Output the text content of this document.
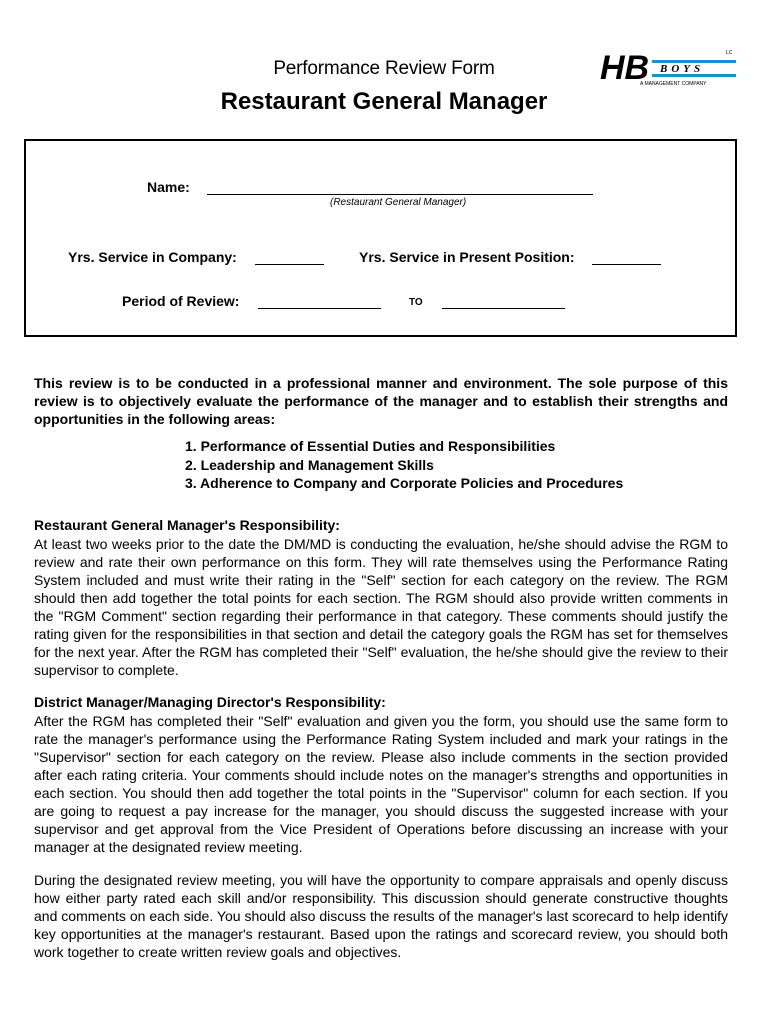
Performance Review Form
Restaurant General Manager
HB BOYS
LC
A MANAGEMENT COMPANY
Name:
(Restaurant General Manager)
Yrs. Service in Company:	Yrs. Service in Present Position:
Period of Review:	TO
This review is to be conducted in a professional manner and environment. The sole purpose of this review is to objectively evaluate the performance of the manager and to establish their strengths and opportunities in the following areas:
1. Performance of Essential Duties and Responsibilities
2. Leadership and Management Skills
3. Adherence to Company and Corporate Policies and Procedures
Restaurant General Manager's Responsibility:
At least two weeks prior to the date the DM/MD is conducting the evaluation, he/she should advise the RGM to review and rate their own performance on this form. They will rate themselves using the Performance Rating System included and must write their rating in the "Self" section for each category on the review. The RGM should then add together the total points for each section. The RGM should also provide written comments in the "RGM Comment" section regarding their performance in that category. These comments should justify the rating given for the responsibilities in that section and detail the category goals the RGM has set for themselves for the next year. After the RGM has completed their "Self" evaluation, the he/she should give the review to their supervisor to complete.
District Manager/Managing Director's Responsibility:
After the RGM has completed their "Self" evaluation and given you the form, you should use the same form to rate the manager's performance using the Performance Rating System included and mark your ratings in the "Supervisor" section for each category on the review. Please also include comments in the section provided after each rating criteria. Your comments should include notes on the manager's strengths and opportunities in each section. You should then add together the total points in the "Supervisor" column for each section. If you are going to request a pay increase for the manager, you should discuss the suggested increase with your supervisor and get approval from the Vice President of Operations before discussing an increase with your manager at the designated review meeting.
During the designated review meeting, you will have the opportunity to compare appraisals and openly discuss how either party rated each skill and/or responsibility. This discussion should generate constructive thoughts and comments on each side. You should also discuss the results of the manager's last scorecard to help identify key opportunities at the manager's restaurant. Based upon the ratings and scorecard review, you should both work together to create written review goals and objectives.
